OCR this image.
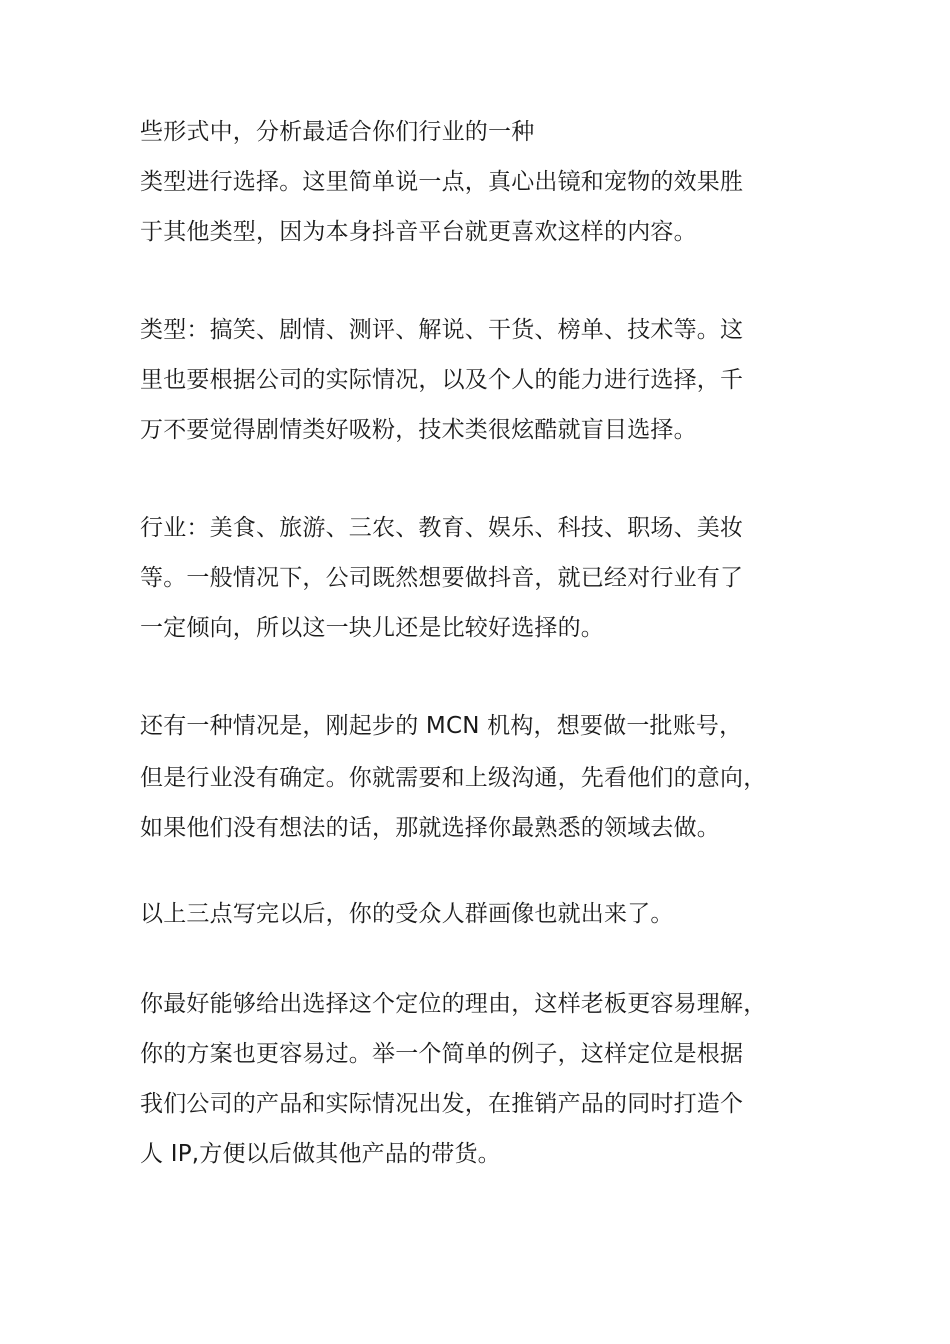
些形式中，分析最适合你们行业的一种

类型进行选择。这里简单说一点，真心出镜和宠物的效果胜

于其他类型，因为本身抖音平台就更喜欢这样的内容。

类型：搞笑、剧情、测评、解说、干货、榜单、技术等。这

里也要根据公司的实际情况，以及个人的能力进行选择，千

万不要觉得剧情类好吸粉，技术类很炫酷就盲目选择。

行业：美食、旅游、三农、教育、娱乐、科技、职场、美妆

等。一般情况下，公司既然想要做抖音，就已经对行业有了

一定倾向，所以这一块儿还是比较好选择的。

还有一种情况是，刚起步的 MCN 机构，想要做一批账号，

但是行业没有确定。你就需要和上级沟通，先看他们的意向，

如果他们没有想法的话，那就选择你最熟悉的领域去做。

以上三点写完以后，你的受众人群画像也就出来了。

你最好能够给出选择这个定位的理由，这样老板更容易理解，

你的方案也更容易过。举一个简单的例子，这样定位是根据

我们公司的产品和实际情况出发，在推销产品的同时打造个

人 IP,方便以后做其他产品的带货。
